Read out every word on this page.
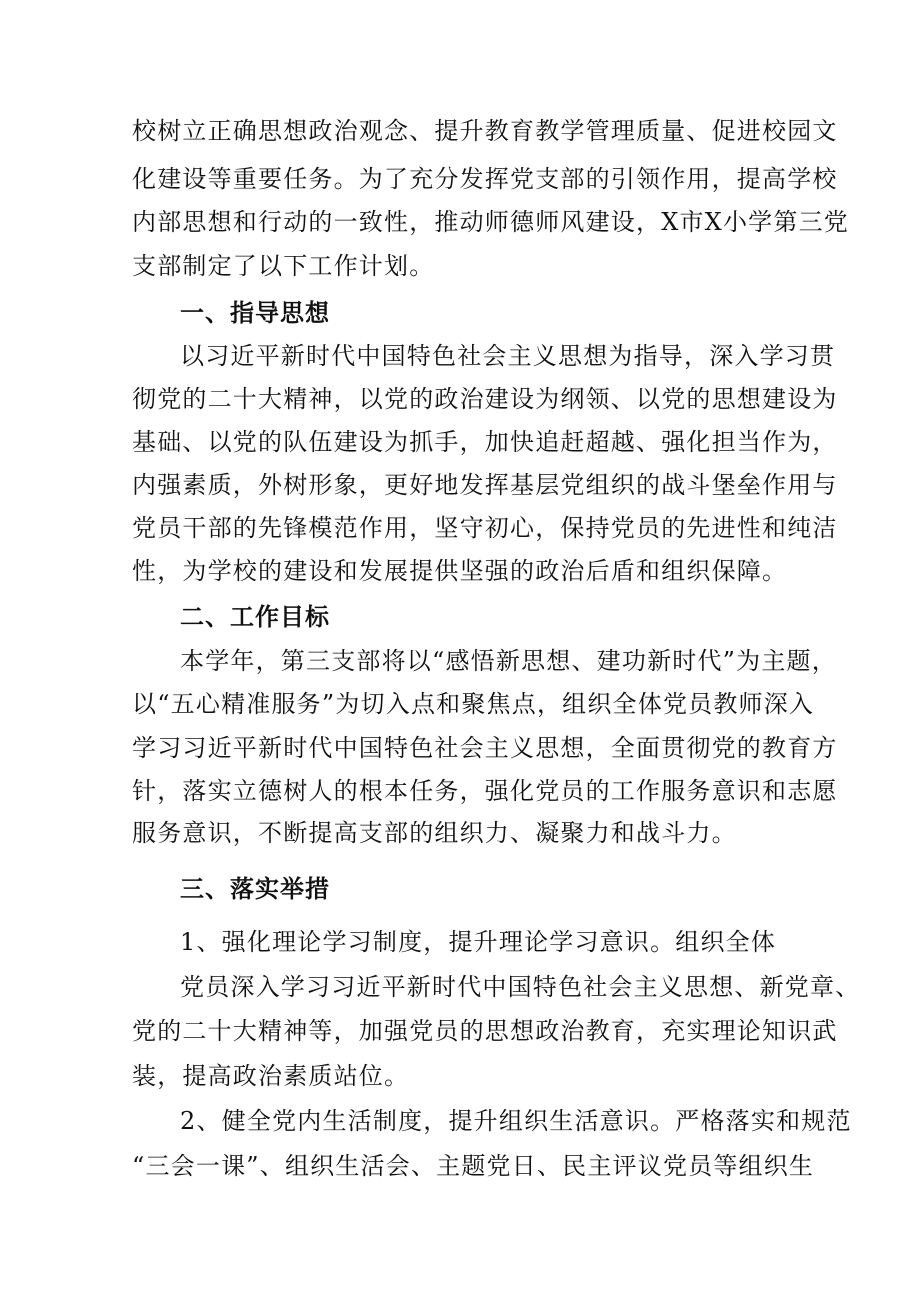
校树立正确思想政治观念、提升教育教学管理质量、促进校园文
化建设等重要任务。为了充分发挥党支部的引领作用，提高学校
内部思想和行动的一致性，推动师德师风建设，X市X小学第三党
支部制定了以下工作计划。
一、指导思想
以习近平新时代中国特色社会主义思想为指导，深入学习贯
彻党的二十大精神，以党的政治建设为纲领、以党的思想建设为
基础、以党的队伍建设为抓手，加快追赶超越、强化担当作为，
内强素质，外树形象，更好地发挥基层党组织的战斗堡垒作用与
党员干部的先锋模范作用，坚守初心，保持党员的先进性和纯洁
性，为学校的建设和发展提供坚强的政治后盾和组织保障。
二、工作目标
本学年，第三支部将以“感悟新思想、建功新时代”为主题，
以“五心精准服务”为切入点和聚焦点，组织全体党员教师深入
学习习近平新时代中国特色社会主义思想，全面贯彻党的教育方
针，落实立德树人的根本任务，强化党员的工作服务意识和志愿
服务意识，不断提高支部的组织力、凝聚力和战斗力。
三、落实举措
1、强化理论学习制度，提升理论学习意识。组织全体
党员深入学习习近平新时代中国特色社会主义思想、新党章、
党的二十大精神等，加强党员的思想政治教育，充实理论知识武
装，提高政治素质站位。
2、健全党内生活制度，提升组织生活意识。严格落实和规范
“三会一课”、组织生活会、主题党日、民主评议党员等组织生
